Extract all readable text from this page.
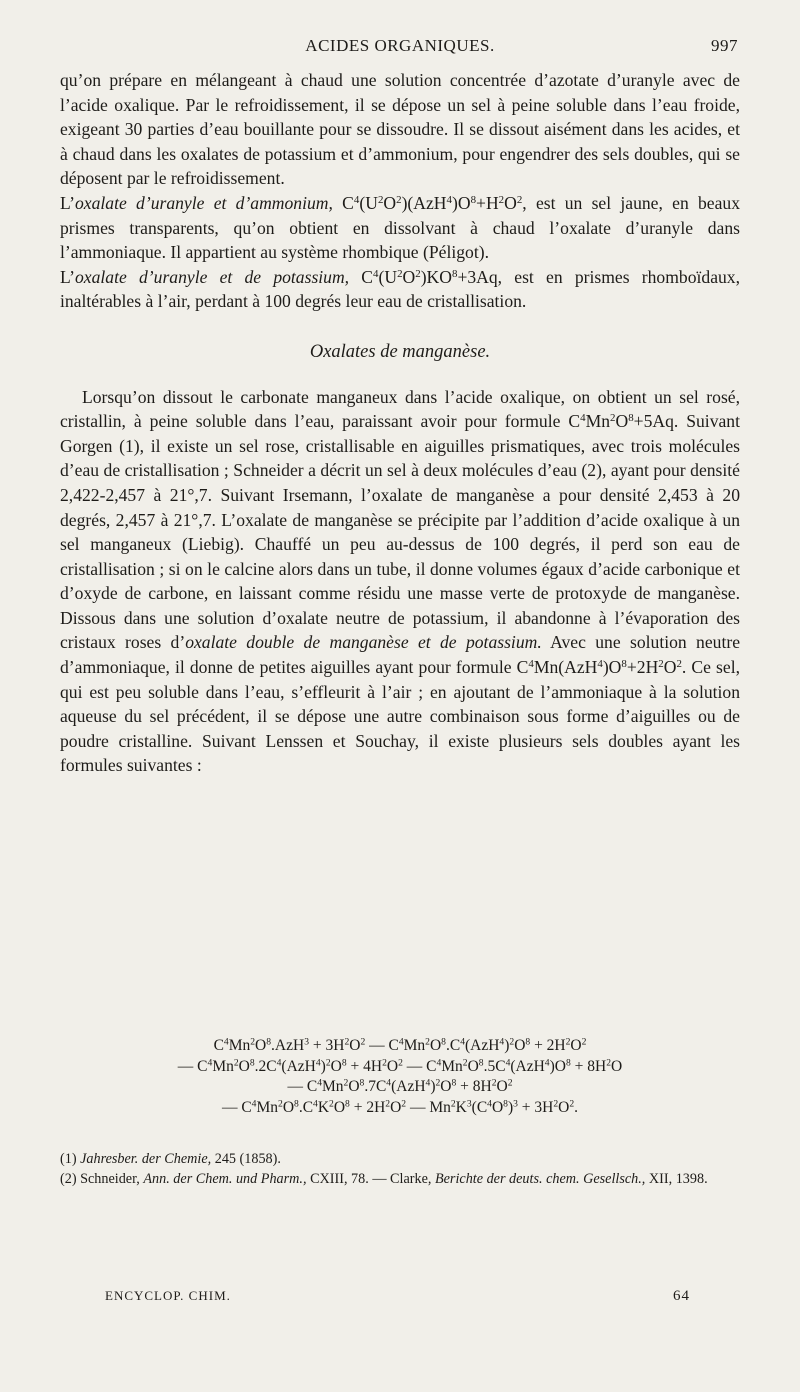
ACIDES ORGANIQUES.	997

qu’on prépare en mélangeant à chaud une solution concentrée d’azotate d’uranyle avec de l’acide oxalique. Par le refroidissement, il se dépose un sel à peine soluble dans l’eau froide, exigeant 30 parties d’eau bouillante pour se dissoudre. Il se dissout aisément dans les acides, et à chaud dans les oxalates de potassium et d’ammonium, pour engendrer des sels doubles, qui se déposent par le refroidissement.

L’oxalate d’uranyle et d’ammonium, $C^4(U^2O^2)(AzH^4)O^8+H^2O^2$, est un sel jaune, en beaux prismes transparents, qu’on obtient en dissolvant à chaud l’oxalate d’uranyle dans l’ammoniaque. Il appartient au système rhombique (Péligot).

L’oxalate d’uranyle et de potassium, $C^4(U^2O^2)KO^8+3Aq$, est en prismes rhomboïdaux, inaltérables à l’air, perdant à 100 degrés leur eau de cristallisation.

Oxalates de manganèse.

Lorsqu’on dissout le carbonate manganeux dans l’acide oxalique, on obtient un sel rosé, cristallin, à peine soluble dans l’eau, paraissant avoir pour formule $C^4Mn^2O^8+5Aq$. Suivant Gorgen (1), il existe un sel rose, cristallisable en aiguilles prismatiques, avec trois molécules d’eau de cristallisation ; Schneider a décrit un sel à deux molécules d’eau (2), ayant pour densité 2,422-2,457 à 21°,7. Suivant Irsemann, l’oxalate de manganèse a pour densité 2,453 à 20 degrés, 2,457 à 21°,7. L’oxalate de manganèse se précipite par l’addition d’acide oxalique à un sel manganeux (Liebig). Chauffé un peu au-dessus de 100 degrés, il perd son eau de cristallisation ; si on le calcine alors dans un tube, il donne volumes égaux d’acide carbonique et d’oxyde de carbone, en laissant comme résidu une masse verte de protoxyde de manganèse. Dissous dans une solution d’oxalate neutre de potassium, il abandonne à l’évaporation des cristaux roses d’oxalate double de manganèse et de potassium. Avec une solution neutre d’ammoniaque, il donne de petites aiguilles ayant pour formule $C^4Mn(AzH^4)O^8+2H^2O^2$. Ce sel, qui est peu soluble dans l’eau, s’effleurit à l’air ; en ajoutant de l’ammoniaque à la solution aqueuse du sel précédent, il se dépose une autre combinaison sous forme d’aiguilles ou de poudre cristalline. Suivant Lenssen et Souchay, il existe plusieurs sels doubles ayant les formules suivantes :

$C^4Mn^2O^8.AzH^3 + 3H^2O^2$ — $C^4Mn^2O^8.C^4(AzH^4)^2O^8 + 2H^2O^2$
— $C^4Mn^2O^8.2C^4(AzH^4)^2O^8 + 4H^2O^2$ — $C^4Mn^2O^8.5C^4(AzH^4)O^8 + 8H^2O$
— $C^4Mn^2O^8.7C^4(AzH^4)^2O^8 + 8H^2O^2$
— $C^4Mn^2O^8.C^4K^2O^8 + 2H^2O^2$ — $Mn^2K^3(C^4O^8)^3 + 3H^2O^2$.
(1) Jahresber. der Chemie, 245 (1858).
(2) Schneider, Ann. der Chem. und Pharm., CXIII, 78. — Clarke, Berichte der deuts. chem. Gesellsch., XII, 1398.
ENCYCLOP. CHIM.	64
